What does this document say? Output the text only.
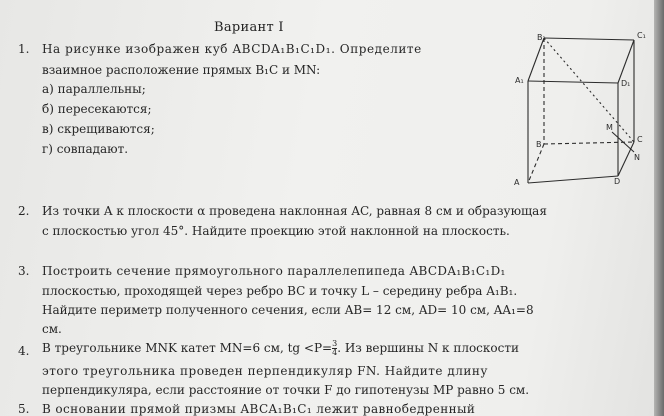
Вариант I
1. На рисунке изображен куб ABCDA₁B₁C₁D₁. Определите
взаимное расположение прямых B₁C и MN:
а) параллельны;
б) пересекаются;
в) скрещиваются;
г) совпадают.
B₁	C₁
A₁	D₁
B
C
A	D
M
N
2. Из точки A к плоскости α проведена наклонная AC, равная 8 см и образующая
с плоскостью угол 45°. Найдите проекцию этой наклонной на плоскость.
3. Построить сечение прямоугольного параллелепипеда ABCDA₁B₁C₁D₁
плоскостью, проходящей через ребро BC и точку L – середину ребра A₁B₁.
Найдите периметр полученного сечения, если AB= 12 см, AD= 10 см, AA₁=8
см.
4. В треугольнике MNK катет MN=6 см, tg $<P= \frac{3}{4}$ . Из вершины N к плоскости
этого треугольника проведен перпендикуляр FN. Найдите длину
перпендикуляра, если расстояние от точки F до гипотенузы MP равно 5 см.
5. В основании прямой призмы ABCA₁B₁C₁ лежит равнобедренный
